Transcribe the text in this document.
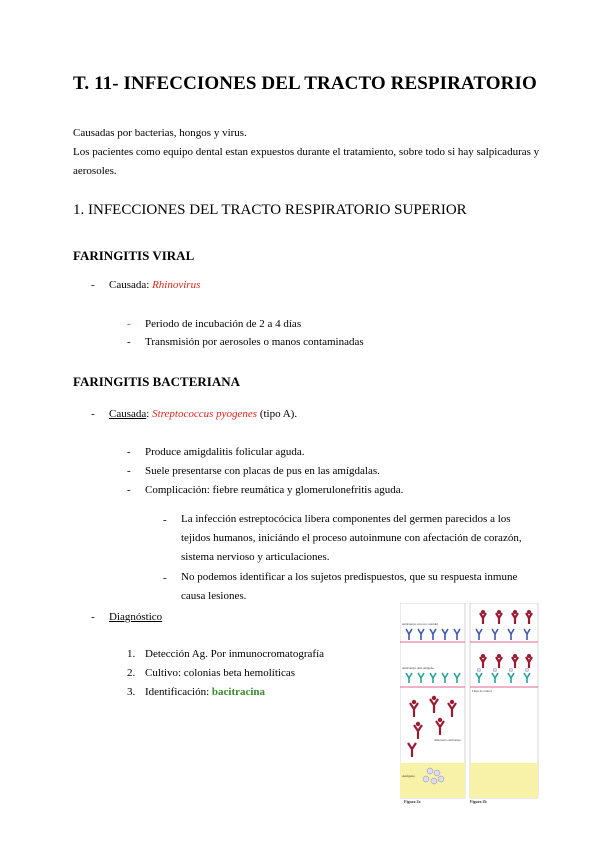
T. 11- INFECCIONES DEL TRACTO RESPIRATORIO

Causadas por bacterias, hongos y virus.

Los pacientes como equipo dental estan expuestos durante el tratamiento, sobre todo si hay salpicaduras y aerosoles.

1. INFECCIONES DEL TRACTO RESPIRATORIO SUPERIOR
FARINGITIS VIRAL
- Causada: Rhinovirus
- Periodo de incubación de 2 a 4 días
- Transmisión por aerosoles o manos contaminadas
FARINGITIS BACTERIANA
- Causada: Streptococcus pyogenes (tipo A).
- Produce amigdalitis folicular aguda.
- Suele presentarse con placas de pus en las amígdalas.
- Complicación: fiebre reumática y glomerulonefritis aguda.
- La infección estreptocócica libera componentes del germen parecidos a los tejidos humanos, iniciándo el proceso autoinmune con afectación de corazón, sistema nervioso y articulaciones.
- No podemos identificar a los sujetos predispuestos, que su respuesta inmune causa lesiones.
- Diagnóstico
1. Detección Ag. Por inmunocromatografía
2. Cultivo: colonias beta hemolíticas
3. Identificación: bacitracina
Anticuerpo con oro coloidal
Anticuerpo anti-antígeno
Anticuerpo anticuerpo
Antígeno
Línea de control
Figura 2a	Figura 2b
